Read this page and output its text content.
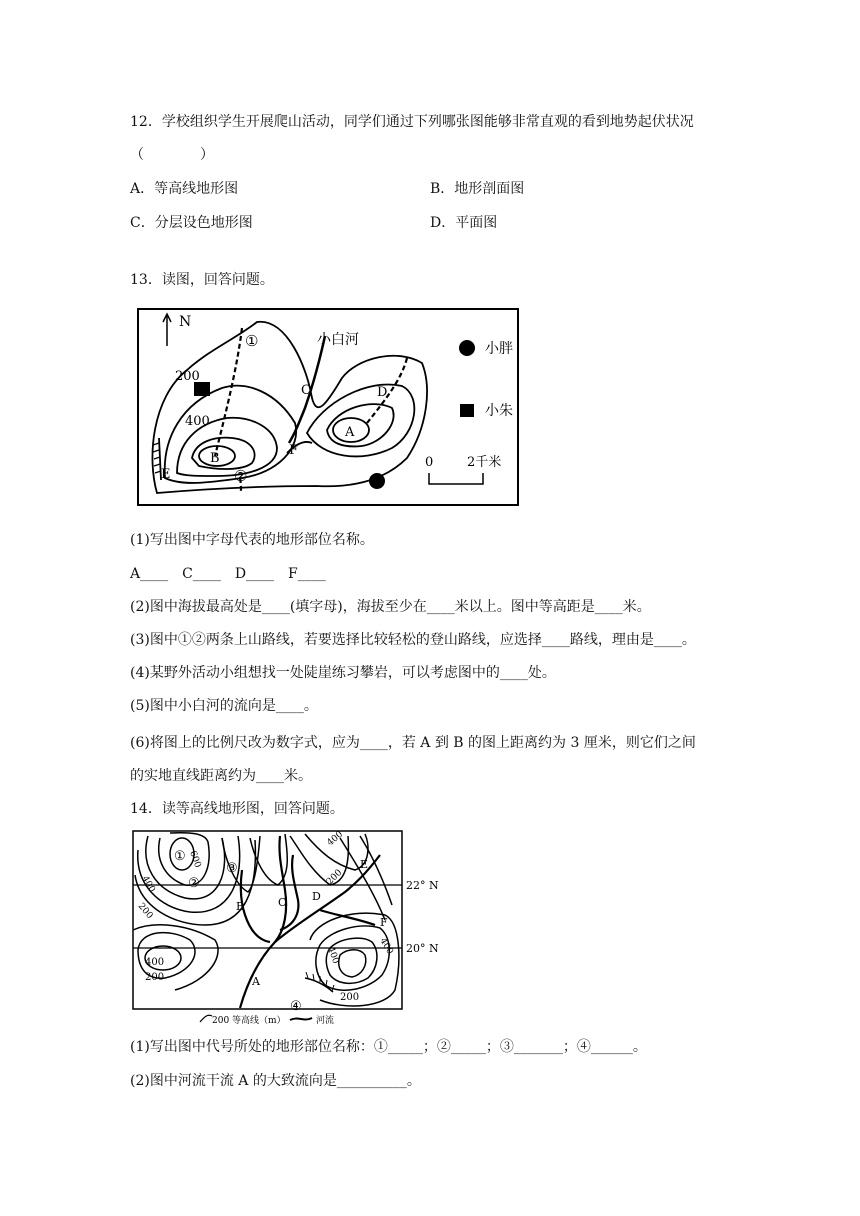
12．学校组织学生开展爬山活动，同学们通过下列哪张图能够非常直观的看到地势起伏状况
（　　　　）
A．等高线地形图	B．地形剖面图
C．分层设色地形图	D．平面图
13．读图，回答问题。
N
①
②
小白河
200
400
A
B
C	D
E
F
小胖
小朱
0	2千米
(1)写出图中字母代表的地形部位名称。
A____　C____　D____　F____
(2)图中海拔最高处是____(填字母)，海拔至少在____米以上。图中等高距是____米。
(3)图中①②两条上山路线，若要选择比较轻松的登山路线，应选择____路线，理由是____。
(4)某野外活动小组想找一处陡崖练习攀岩，可以考虑图中的____处。
(5)图中小白河的流向是____。
(6)将图上的比例尺改为数字式，应为____，若 A 到 B 的图上距离约为 3 厘米，则它们之间
的实地直线距离约为____米。
14．读等高线地形图，回答问题。
22° N
20° N
①
②
③
④
A
B	C D
E
F
600
400
400
400
400
400
200
200
200
200
200 等高线（m）	河流
(1)写出图中代号所处的地形部位名称：①_____；②_____；③_______；④______。
(2)图中河流干流 A 的大致流向是__________。
